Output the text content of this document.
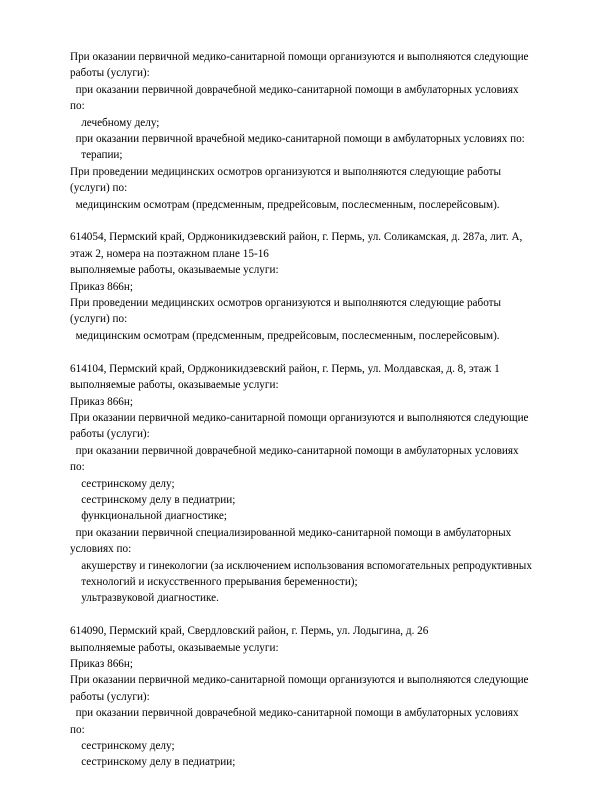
При оказании первичной медико-санитарной помощи организуются и выполняются следующие
работы (услуги):
при оказании первичной доврачебной медико-санитарной помощи в амбулаторных условиях
по:
лечебному делу;
при оказании первичной врачебной медико-санитарной помощи в амбулаторных условиях по:
терапии;
При проведении медицинских осмотров организуются и выполняются следующие работы
(услуги) по:
медицинским осмотрам (предсменным, предрейсовым, послесменным, послерейсовым).
614054, Пермский край, Орджоникидзевский район, г. Пермь, ул. Соликамская, д. 287а, лит. А,
этаж 2, номера на поэтажном плане 15-16
выполняемые работы, оказываемые услуги:
Приказ 866н;
При проведении медицинских осмотров организуются и выполняются следующие работы
(услуги) по:
медицинским осмотрам (предсменным, предрейсовым, послесменным, послерейсовым).
614104, Пермский край, Орджоникидзевский район, г. Пермь, ул. Молдавская, д. 8, этаж 1
выполняемые работы, оказываемые услуги:
Приказ 866н;
При оказании первичной медико-санитарной помощи организуются и выполняются следующие
работы (услуги):
при оказании первичной доврачебной медико-санитарной помощи в амбулаторных условиях
по:
сестринскому делу;
сестринскому делу в педиатрии;
функциональной диагностике;
при оказании первичной специализированной медико-санитарной помощи в амбулаторных
условиях по:
акушерству и гинекологии (за исключением использования вспомогательных репродуктивных
технологий и искусственного прерывания беременности);
ультразвуковой диагностике.
614090, Пермский край, Свердловский район, г. Пермь, ул. Лодыгина, д. 26
выполняемые работы, оказываемые услуги:
Приказ 866н;
При оказании первичной медико-санитарной помощи организуются и выполняются следующие
работы (услуги):
при оказании первичной доврачебной медико-санитарной помощи в амбулаторных условиях
по:
сестринскому делу;
сестринскому делу в педиатрии;
